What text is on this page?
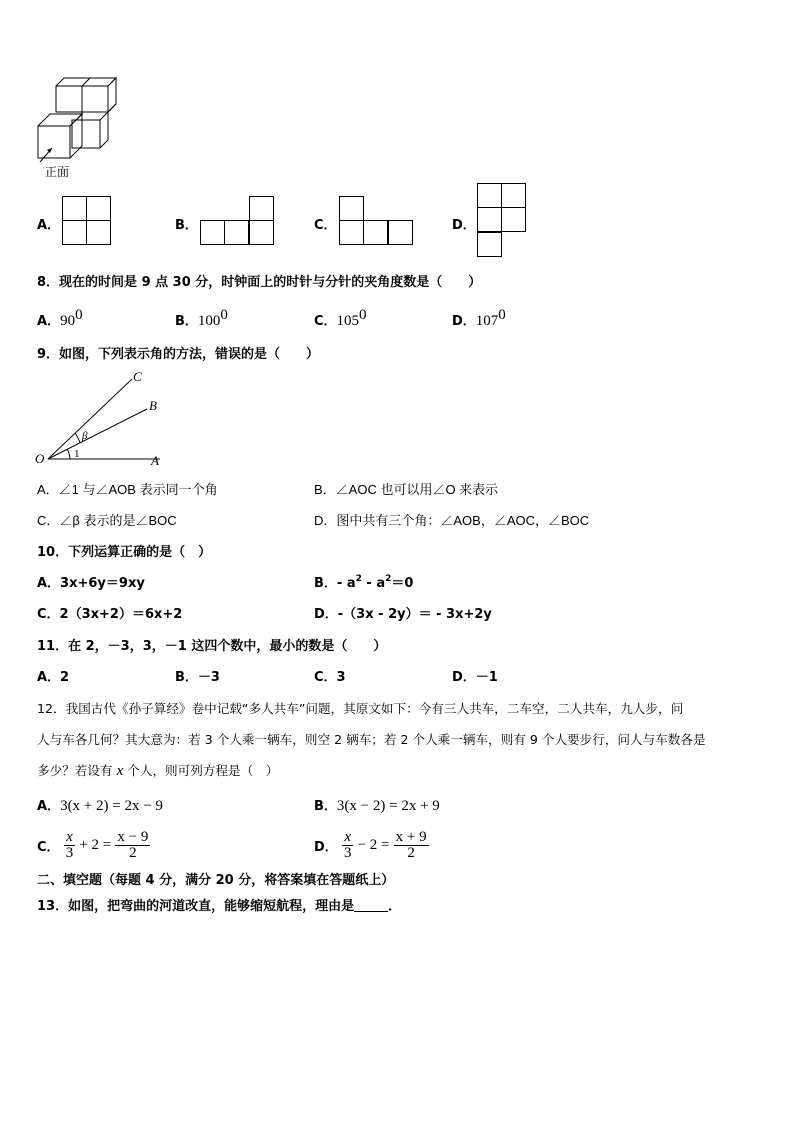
正面
A．	B．	C．	D．
8．现在的时间是 9 点 30 分，时钟面上的时针与分针的夹角度数是（　　）
A．$90^0$	B．$100^0$	C．$105^0$	D．$107^0$
9．如图，下列表示角的方法，错误的是（　　）
O	A
B
C
1
β
A．∠1 与∠AOB 表示同一个角	B．∠AOC 也可以用∠O 来表示
C．∠β 表示的是∠BOC	D．图中共有三个角：∠AOB，∠AOC，∠BOC
10．下列运算正确的是（　）
A．3x+6y＝9xy	B．- $a^2 - a^2=0$
C．2（3x+2）＝6x+2	D．-（3x - 2y）＝ - 3x+2y
11．在 2，－3，3，－1 这四个数中，最小的数是（　　）
A．2	B．－3	C．3	D．－1
12．我国古代《孙子算经》卷中记载“多人共车”问题，其原文如下：今有三人共车，二车空，二人共车，九人步，问
人与车各几何？其大意为：若 3 个人乘一辆车，则空 2 辆车；若 2 个人乘一辆车，则有 9 个人要步行，问人与车数各是
多少？若设有 x 个人，则可列方程是（　）
A．3(x + 2) = 2x − 9	B．3(x − 2) = 2x + 9
C． $\frac{x}{3} + 2 = \frac{x - 9}{2}$	D． $\frac{x}{3} - 2 = \frac{x + 9}{2}$
二、填空题（每题 4 分，满分 20 分，将答案填在答题纸上）
13．如图，把弯曲的河道改直，能够缩短航程，理由是	．
